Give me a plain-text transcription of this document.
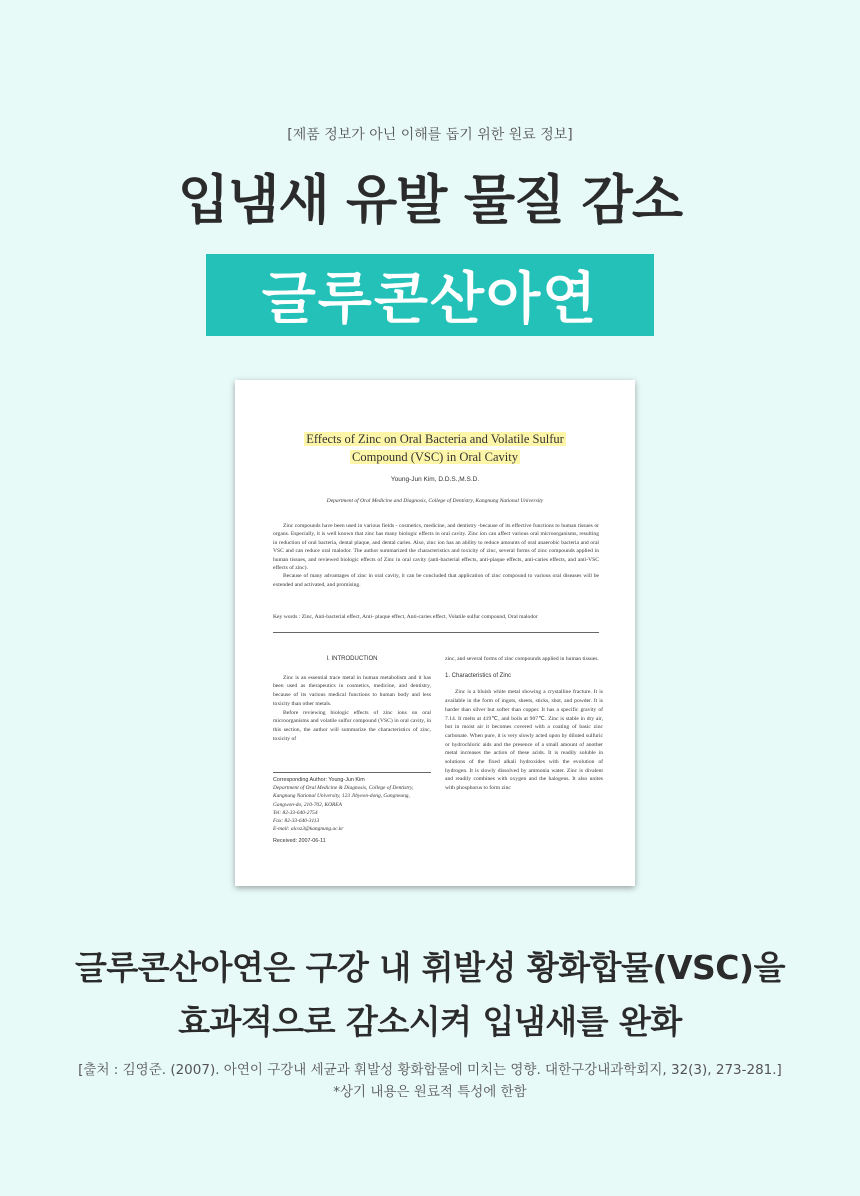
[제품 정보가 아닌 이해를 돕기 위한 원료 정보]
입냄새 유발 물질 감소
글루콘산아연
Effects of Zinc on Oral Bacteria and Volatile Sulfur
Compound (VSC) in Oral Cavity
Young-Jun Kim, D.D.S.,M.S.D.
Department of Oral Medicine and Diagnosis, College of Dentistry, Kangnung National University

Zinc compounds have been used in various fields - cosmetics, medicine, and dentistry -because of its effective functions to human tissues or organs. Especially, it is well known that zinc has many biologic effects in oral cavity. Zinc ion can affect various oral microorganisms, resulting in reduction of oral bacteria, dental plaque, and dental caries. Also, zinc ion has an ability to reduce amounts of oral anaerobic bacteria and oral VSC and can reduce oral malodor. The author summarized the characteristics and toxicity of zinc, several forms of zinc compounds applied in human tissues, and reviewed biologic effects of Zinc in oral cavity (anti-bacterial effects, anti-plaque effects, anti-caries effects, and anti-VSC effects of zinc).

Because of many advantages of zinc in oral cavity, it can be concluded that application of zinc compound to various oral diseases will be extended and activated, and promising.

Key words : Zinc, Anti-bacterial effect, Anti- plaque effect, Anti-caries effect, Volatile sulfur compound, Oral malodor
I. INTRODUCTION

Zinc is an essential trace metal in human metabolism and it has been used as therapeutics in cosmetics, medicine, and dentistry, because of its various medical functions to human body and less toxicity than other metals.

Before reviewing biologic effects of zinc ions on oral microorganisms and volatile sulfur compound (VSC) in oral cavity, in this section, the author will summarize the characteristics of zinc, toxicity of

Corresponding Author: Young-Jun Kim
Department of Oral Medicine & Diagnosis, College of Dentistry, Kangnung National University, 123 Jibyeon-dong, Gangneung, Gangwon-do, 210-702, KOREA
Tel: 82-33-640-2754
Fax: 82-33-640-3113
E-mail: alcoz3@kangnung.ac.kr
Received: 2007-06-11

zinc, and several forms of zinc compounds applied in human tissues.

1. Characteristics of Zinc

Zinc is a bluish white metal showing a crystalline fracture. It is available in the form of ingots, sheets, sticks, shot, and powder. It is harder than silver but softer than copper. It has a specific gravity of 7.14. It melts at 419℃, and boils at 907℃. Zinc is stable in dry air, but in moist air it becomes covered with a coating of basic zinc carbonate. When pure, it is very slowly acted upon by diluted sulfuric or hydrochloric aids and the presence of a small amount of another metal increases the action of these acids. It is readily soluble in solutions of the fixed alkali hydroxides with the evolution of hydrogen. It is slowly dissolved by ammonia water. Zinc is divalent and readily combines with oxygen and the halogens. It also unites with phosphorus to form zinc

글루콘산아연은 구강 내 휘발성 황화합물(VSC)을
효과적으로 감소시켜 입냄새를 완화
[출처 : 김영준. (2007). 아연이 구강내 세균과 휘발성 황화합물에 미치는 영향. 대한구강내과학회지, 32(3), 273-281.]
*상기 내용은 원료적 특성에 한함
